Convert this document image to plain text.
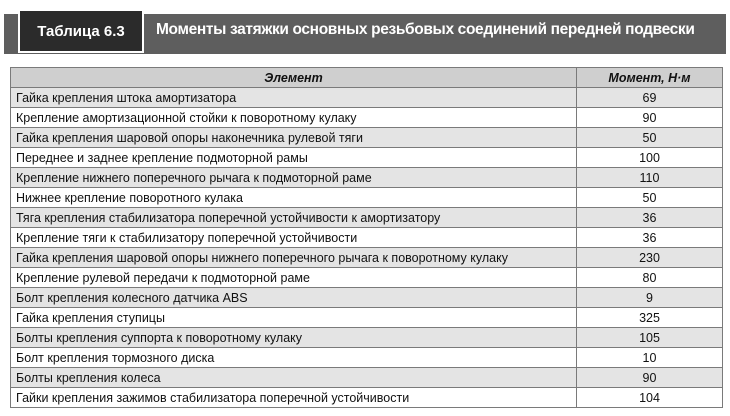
Таблица 6.3	Моменты затяжки основных резьбовых соединений передней подвески
Элемент	Момент, Н·м
Гайка крепления штока амортизатора	69
Крепление амортизационной стойки к поворотному кулаку	90
Гайка крепления шаровой опоры наконечника рулевой тяги	50
Переднее и заднее крепление подмоторной рамы	100
Крепление нижнего поперечного рычага к подмоторной раме	110
Нижнее крепление поворотного кулака	50
Тяга крепления стабилизатора поперечной устойчивости к амортизатору	36
Крепление тяги к стабилизатору поперечной устойчивости	36
Гайка крепления шаровой опоры нижнего поперечного рычага к поворотному кулаку	230
Крепление рулевой передачи к подмоторной раме	80
Болт крепления колесного датчика ABS	9
Гайка крепления ступицы	325
Болты крепления суппорта к поворотному кулаку	105
Болт крепления тормозного диска	10
Болты крепления колеса	90
Гайки крепления зажимов стабилизатора поперечной устойчивости	104
